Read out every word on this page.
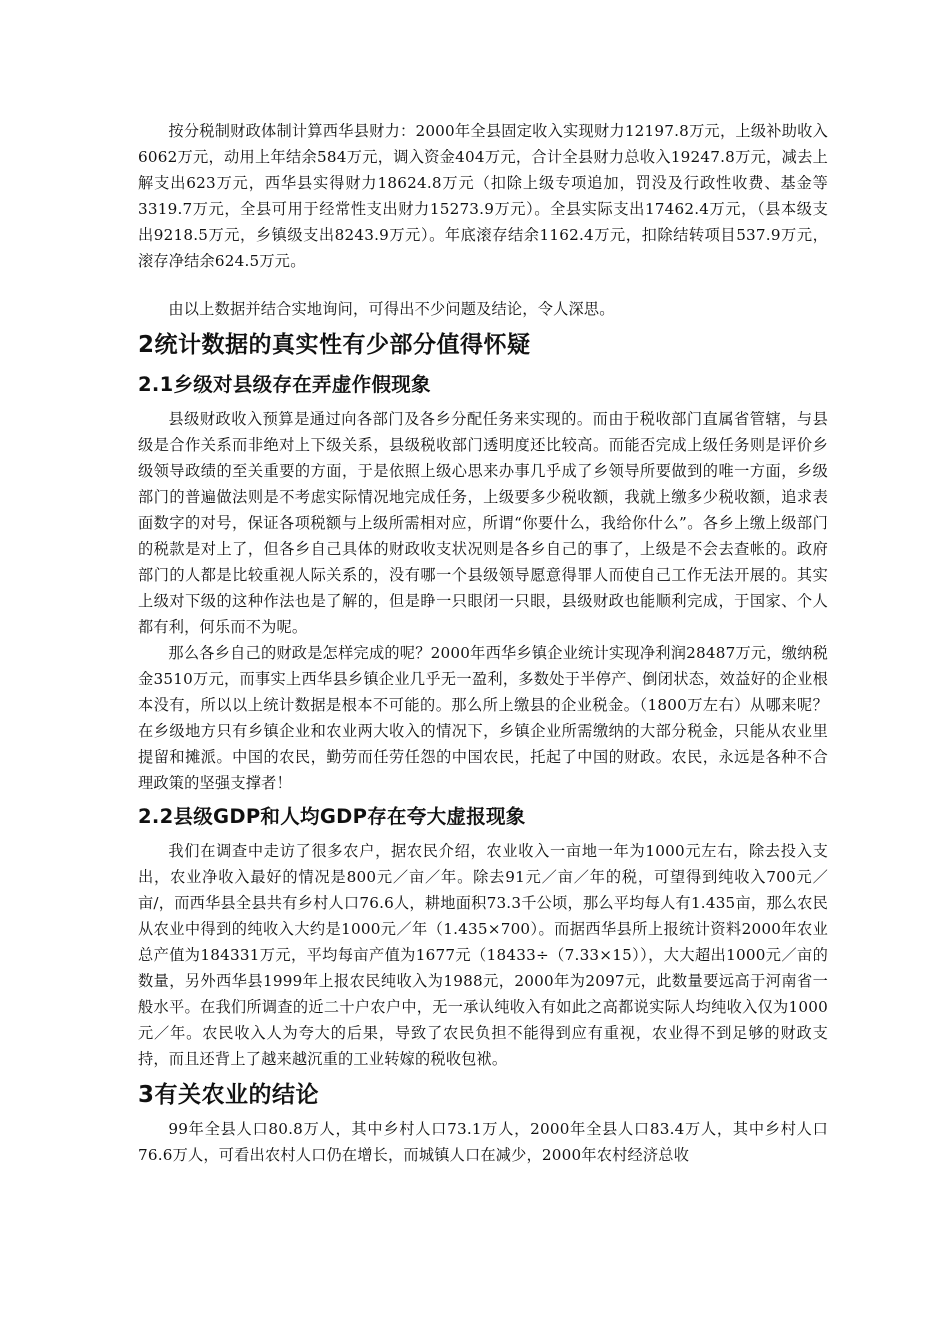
按分税制财政体制计算西华县财力：2000年全县固定收入实现财力12197.8万元，上级补助收入6062万元，动用上年结余584万元，调入资金404万元，合计全县财力总收入19247.8万元，减去上解支出623万元，西华县实得财力18624.8万元（扣除上级专项追加，罚没及行政性收费、基金等3319.7万元，全县可用于经常性支出财力15273.9万元）。全县实际支出17462.4万元，（县本级支出9218.5万元，乡镇级支出8243.9万元）。年底滚存结余1162.4万元，扣除结转项目537.9万元，滚存净结余624.5万元。

由以上数据并结合实地询问，可得出不少问题及结论，令人深思。

2统计数据的真实性有少部分值得怀疑
2.1乡级对县级存在弄虚作假现象

县级财政收入预算是通过向各部门及各乡分配任务来实现的。而由于税收部门直属省管辖，与县级是合作关系而非绝对上下级关系，县级税收部门透明度还比较高。而能否完成上级任务则是评价乡级领导政绩的至关重要的方面，于是依照上级心思来办事几乎成了乡领导所要做到的唯一方面，乡级部门的普遍做法则是不考虑实际情况地完成任务，上级要多少税收额，我就上缴多少税收额，追求表面数字的对号，保证各项税额与上级所需相对应，所谓“你要什么，我给你什么”。各乡上缴上级部门的税款是对上了，但各乡自己具体的财政收支状况则是各乡自己的事了，上级是不会去查帐的。政府部门的人都是比较重视人际关系的，没有哪一个县级领导愿意得罪人而使自己工作无法开展的。其实上级对下级的这种作法也是了解的，但是睁一只眼闭一只眼，县级财政也能顺利完成，于国家、个人都有利，何乐而不为呢。

那么各乡自己的财政是怎样完成的呢？2000年西华乡镇企业统计实现净利润28487万元，缴纳税金3510万元，而事实上西华县乡镇企业几乎无一盈利，多数处于半停产、倒闭状态，效益好的企业根本没有，所以以上统计数据是根本不可能的。那么所上缴县的企业税金。（1800万左右）从哪来呢？在乡级地方只有乡镇企业和农业两大收入的情况下，乡镇企业所需缴纳的大部分税金，只能从农业里提留和摊派。中国的农民，勤劳而任劳任怨的中国农民，托起了中国的财政。农民，永远是各种不合理政策的坚强支撑者！

2.2县级GDP和人均GDP存在夸大虚报现象

我们在调查中走访了很多农户，据农民介绍，农业收入一亩地一年为1000元左右，除去投入支出，农业净收入最好的情况是800元／亩／年。除去91元／亩／年的税，可望得到纯收入700元／亩/，而西华县全县共有乡村人口76.6人，耕地面积73.3千公顷，那么平均每人有1.435亩，那么农民从农业中得到的纯收入大约是1000元／年（1.435×700）。而据西华县所上报统计资料2000年农业总产值为184331万元，平均每亩产值为1677元（18433÷（7.33×15）），大大超出1000元／亩的数量，另外西华县1999年上报农民纯收入为1988元，2000年为2097元，此数量要远高于河南省一般水平。在我们所调查的近二十户农户中，无一承认纯收入有如此之高都说实际人均纯收入仅为1000元／年。农民收入人为夸大的后果，导致了农民负担不能得到应有重视，农业得不到足够的财政支持，而且还背上了越来越沉重的工业转嫁的税收包袱。

3有关农业的结论

99年全县人口80.8万人，其中乡村人口73.1万人，2000年全县人口83.4万人，其中乡村人口76.6万人，可看出农村人口仍在增长，而城镇人口在减少，2000年农村经济总收
